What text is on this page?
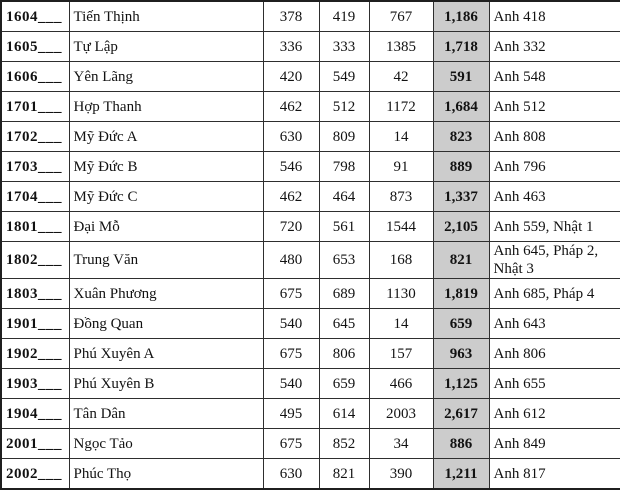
1604___	Tiến Thịnh	378	419	767	1,186	Anh 418
1605___	Tự Lập	336	333	1385	1,718	Anh 332
1606___	Yên Lãng	420	549	42	591	Anh 548
1701___	Hợp Thanh	462	512	1172	1,684	Anh 512
1702___	Mỹ Đức A	630	809	14	823	Anh 808
1703___	Mỹ Đức B	546	798	91	889	Anh 796
1704___	Mỹ Đức C	462	464	873	1,337	Anh 463
1801___	Đại Mỗ	720	561	1544	2,105	Anh 559, Nhật 1
1802___	Trung Văn	480	653	168	821	Anh 645, Pháp 2, Nhật 3
1803___	Xuân Phương	675	689	1130	1,819	Anh 685, Pháp 4
1901___	Đồng Quan	540	645	14	659	Anh 643
1902___	Phú Xuyên A	675	806	157	963	Anh 806
1903___	Phú Xuyên B	540	659	466	1,125	Anh 655
1904___	Tân Dân	495	614	2003	2,617	Anh 612
2001___	Ngọc Tảo	675	852	34	886	Anh 849
2002___	Phúc Thọ	630	821	390	1,211	Anh 817
